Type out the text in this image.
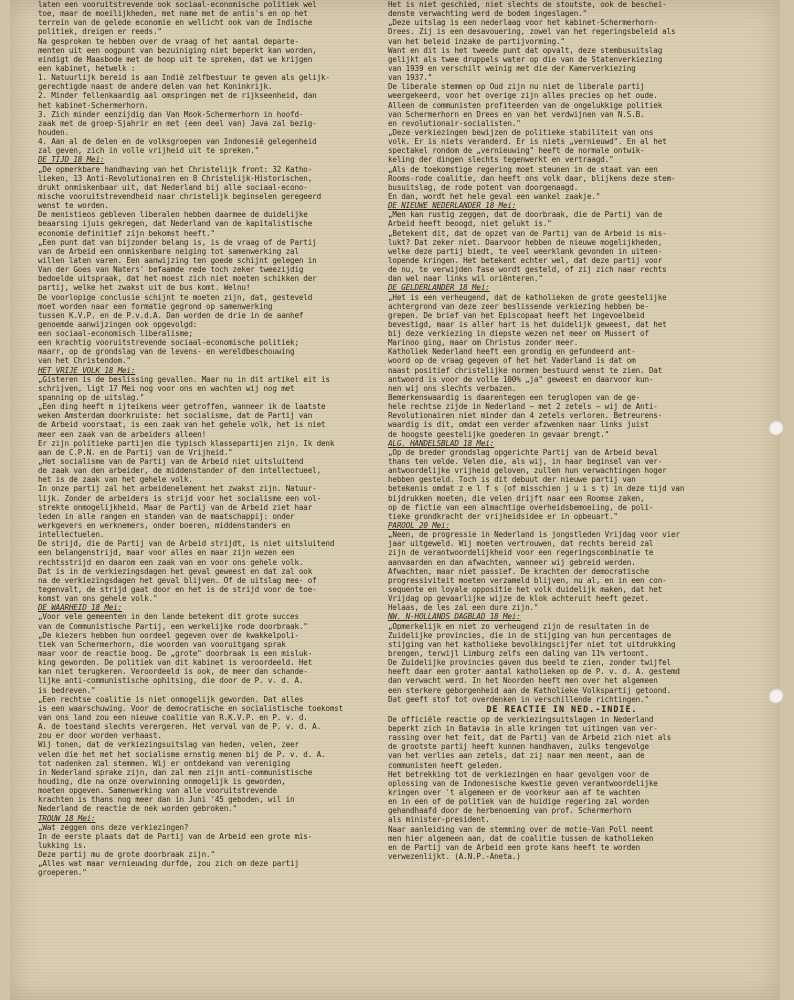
laten een vooruitstrevende ook sociaal-economische politiek wel
toe, maar de moeilijkheden, met name met de antis's en op het
terrein van de gelede economie en wellicht ook van de Indische
politiek, dreigen er reeds."
Na gesproken te hebben over de vraag of het aantal departe-
menten uit een oogpunt van bezuiniging niet beperkt kan worden,
eindigt de Maasbode met de hoop uit te spreken, dat we krijgen
een kabinet, hetwelk :
1. Natuurlijk bereid is aan Indië zelfbestuur te geven als gelijk-
gerechtigde naast de andere delen van het Koninkrijk.
2. Minder fellenkaardig aal omspringen met de rijkseenheid, dan
het kabinet-Schermerhorn.
3. Zich minder eenzijdig dan Van Mook-Schermerhorn in hoofd-
zaak met de groep-Sjahrir en met (een deel van) Java zal bezig-
houden.
4. Aan al de delen en de volksgroepen van Indonesië gelegenheid
zal geven, zich in volle vrijheid uit te spreken."
DE TIJD 18 Mei:
„De opmerkbare handhaving van het Christelijk front: 32 Katho-
lieken, 13 Anti-Revolutionairen en 8 Christelijk-Historischen,
drukt onmiskenbaar uit, dat Nederland bij alle sociaal-econo-
mische vooruitstrevendheid naar christelijk beginselen geregeerd
wenst te worden.
De menistieos gebleven liberalen hebben daarmee de duidelijke
beaarsing ijuis gekregen, dat Nederland van de kapitalistische
economie definitief zijn bekomst heeft."
„Een punt dat van bijzonder belang is, is de vraag of de Partij
van de Arbeid een onmiskenbare neiging tot samenwerking zal
willen laten varen. Een aanwijzing ten goede schijnt gelegen in
Van der Goes van Naters' befaamde rede toch zeker tweezijdig
bedoelde uitspraak, dat het moest zich niet moeten schikken der
partij, welke het zwakst uit de bus komt. Welnu!
De voorlopige conclusie schijnt te moeten zijn, dat, gesteveld
moet worden naar een formatie gegrond op samenwerking
tussen K.V.P. en de P.v.d.A. Dan worden de drie in de aanhef
genoemde aanwijzingen ook opgevolgd:
een sociaal-economisch liberalisme;
een krachtig vooruitstrevende sociaal-economische politiek;
maarr, op de grondslag van de levens- en wereldbeschouwing
van het Christendom."
HET VRIJE VOLK 18 Mei:
„Gisteren is de beslissing gevallen. Maar nu in dit artikel eit is
schrijven, ligt 17 Mei nog voor ons en wachten wij nog met
spanning op de uitslag."
„Een ding heeft m ijteikens weer getroffen, wanneer ik de laatste
weken Amsterdam doorkruiste: het socialisme, dat de Partij van
de Arbeid voorstaat, is een zaak van het gehele volk, het is niet
meer een zaak van de arbeiders alleen!
Er zijn politieke partijen die typisch klassepartijen zijn. Ik denk
aan de C.P.N. en de Partij van de Vrijheid."
„Het socialisme van de Partij van de Arbeid niet uitsluitend
de zaak van den arbeider, de middenstander of den intellectueel,
het is de zaak van het gehele volk.
In onze partij zal het arbeidenelement het zwakst zijn. Natuur-
lijk. Zonder de arbeiders is strijd voor het socialisme een vol-
strekte onmogelijkheid. Maar de Partij van de Arbeid ziet haar
leden in alle rangen en standen van de maatschappij: onder
werkgevers en werknemers, onder boeren, middenstanders en
intellectuelen.
De strijd, die de Partij van de Arbeid strijdt, is niet uitsluitend
een belangenstrijd, maar voor alles en maar zijn wezen een
rechtsstrijd en daarom een zaak van en voor ons gehele volk.
Dat is in de verkiezingsdagen het geval geweest en dat zal ook
na de verkiezingsdagen het geval blijven. Of de uitslag mee- of
tegenvalt, de strijd gaat door en het is de strijd voor de toe-
komst van ons gehele volk."
DE WAARHEID 18 Mei:
„Voor vele gemeenten in den lande betekent dit grote succes
van de Communistische Partij, een werkelijke rode doorbraak."
„De kiezers hebben hun oordeel gegeven over de kwakkelpoli-
tiek van Schermerhorn, die woorden van vooruitgang sprak
maar voor de reactie boog. De „grote" doorbraak is een misluk-
king geworden. De politiek van dit kabinet is veroordeeld. Het
kan niet terugkeren. Veroordeeld is ook, de meer dan schande-
lijke anti-communistische ophitsing, die door de P. v. d. A.
is bedreven."
„Een rechtse coalitie is niet onmogelijk geworden. Dat alles
is een waarschuwing. Voor de democratische en socialistische toekomst
van ons land zou een nieuwe coalitie van R.K.V.P. en P. v. d.
A. de toestand slechts verergeren. Het verval van de P. v. d. A.
zou er door worden verhaast.
Wij tonen, dat de verkiezingsuitslag van heden, velen, zeer
velen die het met het socialisme ernstig menen bij de P. v. d. A.
tot nadenken zal stemmen. Wij er ontdekand van vereniging
in Nederland sprake zijn, dan zal men zijn anti-communistische
houding, die na onze overwinning onmogelijk is geworden,
moeten opgeven. Samenwerking van alle vooruitstrevende
krachten is thans nog meer dan in Juni '45 geboden, wil in
Nederland de reactie de nek worden gebroken."
TROUW 18 Mei:
„Wat zeggen ons deze verkiezingen?
In de eerste plaats dat de Partij van de Arbeid een grote mis-
lukking is.
Deze partij mu de grote doorbraak zijn."
„Alles wat maar vernieuwing durfde, zou zich om deze partij
groeperen."
Het is niet geschied, niet slechts de stoutste, ook de beschei-
denste verwachting werd de bodem ingeslagen."
„Deze uitslag is een nederlaag voor het kabinet-Schermerhorn-
Drees. Zij is een desavouering, zowel van het regeringsbeleid als
van het beleid inzake de partijvorming."
Want en dit is het tweede punt dat opvalt, deze stembusuitslag
gelijkt als twee druppels water op die van de Statenverkiezing
van 1939 en verschilt weinig met die der Kamerverkiezing
van 1937."
De liberale stemmen op Oud zijn nu niet de liberale partij
weergekeerd, voor het overige zijn alles precies op het oude.
Alleen de communisten profiteerden van de ongelukkige politiek
van Schermerhorn en Drees en van het verdwijnen van N.S.B.
en revolutionair-socialisten."
„Deze verkiezingen bewijzen de politieke stabiliteit van ons
volk. Er is niets veranderd. Er is niets „vernieuwd". En al het
spectakel rondom de „vernieuwing" heeft de normale ontwik-
keling der dingen slechts tegenwerkt en vertraagd."
„Als de toekomstige regering moet steunen in de staat van een
Rooms-rode coalitie, dan heeft ons volk daar, blijkens deze stem-
busuitslag, de rode potent van doorgenaagd.
En dan, wordt het hele geval een wankel zaakje."
DE NIEUWE NEDERLANDER 18 Mei:
„Men kan rustig zeggen, dat de doorbraak, die de Partij van de
Arbeid heeft beoogd, niet gelukt is."
„Betekent dit, dat de opzet van de Partij van de Arbeid is mis-
lukt? Dat zeker niet. Daarvoor hebben de nieuwe mogelijkheden,
welke deze partij biedt, te veel weerklank gevonden in uiteen-
lopende kringen. Het betekent echter wel, dat deze partij voor
de nu, te verwijden fase wordt gesteld, of zij zich naar rechts
dan wel naar links wil oriënteren."
DE GELDERLANDER 18 Mei:
„Het is een verheugend, dat de katholieken de grote geestelijke
achtergrond van deze zeer beslissende verkiezing hebben be-
grepen. De brief van het Episcopaat heeft het ingevoelbeid
bevestigd, maar is aller hart is het duidelijk geweest, dat het
bij deze verkiezing in diepste wezen net meer om Mussert of
Marinoo ging, maar om Christus zonder meer.
Katholiek Nederland heeft een grondig en gefundeerd ant-
woord op de vraag gegeven of het het Vaderland is dat om
naast positief christelijke normen bestuurd wenst te zien. Dat
antwoord is voor de volle 100% „ja" geweest en daarvoor kun-
nen wij ons slechts verbazen.
Bemerkenswaardig is daarentegen een teruglopen van de ge-
hele rechtse zijde in Nederland — met 2 zetels — wij de Anti-
Revolutionairen niet minder dan 4 zetels verloren. Betreurens-
waardig is dit, omdat een verder afzwenken naar links juist
de hoogste geestelijke goederen in gevaar brengt."
ALG. HANDELSBLAD 18 Mei:
„Op de breder grondslag opgerichte Partij van de Arbeid beval
thans ten velde. Velen die, als wij, in haar beginsel van ver-
antwoordelijke vrijheid geloven, zullen hun verwachtingen hoger
hebben gesteld. Toch is dit debuut der nieuwe partij van
betekenis omdat z e l f s (of misschien j u i s t) in deze tijd van
bijdrukken moeten, die velen drijft naar een Roomse zaken,
op de fictie van een almachtige overheidsbemoeiing, de poli-
tieke grondkracht der vrijheidsidee er in opbeuart."
PAROOL 20 Mei:
„Neen, de progressie in Nederland is jongstleden Vrijdag voor vier
jaar uitgeweld. Wij moeten vertrouwen, dat rechts bereid zal
zijn de verantwoordelijkheid voor een regeringscombinatie te
aanvaarden en dan afwachten, wanneer wij gebreid werden.
Afwachten, maar niet passief. De krachten der democratische
progressiviteit moeten verzameld blijven, nu al, en in een con-
sequente en loyale oppositie het volk duidelijk maken, dat het
Vrijdag op gevaarlijke wijze de klok achteruit heeft gezet.
Helaas, de les zal een dure zijn."
NW. N-HOLLANDS DAGBLAD 18 Mei:
„Opmerkelijk en niet zo verheugend zijn de resultaten in de
Zuidelijke provincies, die in de stijging van hun percentages de
stijging van het katholieke bevolkingscijfer niet tot uitdrukking
brengen, terwijl Limburg zelfs een daling van 11% vertoont.
De Zuidelijke provincies gaven dus beeld te zien, zonder twijfel
heeft daar een groter aantal katholieken op de P. v. d. A. gestemd
dan verwacht werd. In het Noorden heeft men over het algemeen
een sterkere geborgenheid aan de Katholieke Volkspartij getoond.
Dat geeft stof tot overdenken in verschillende richtingen."
DE REACTIE IN NED.-INDIE.
De officiële reactie op de verkiezingsuitslagen in Nederland
beperkt zich in Batavia in alle kringen tot uitingen van ver-
rassing over het feit, dat de Partij van de Arbeid zich niet als
de grootste partij heeft kunnen handhaven, zulks tengevolge
van het verlies aan zetels, dat zij naar men meent, aan de
communisten heeft geleden.
Het betrekking tot de verkiezingen en haar gevolgen voor de
oplossing van de Indonesische kwestie geven verantwoordelijke
kringen over 't algemeen er de voorkeur aan af te wachten
en in een of de politiek van de huidige regering zal worden
gehandhaafd door de herbenoeming van prof. Schermerhorn
als minister-president.
Naar aanleiding van de stemming over de motie-Van Poll neemt
men hier algemeen aan, dat de coalitie tussen de katholieken
en de Partij van de Arbeid een grote kans heeft te worden
verwezenlijkt. (A.N.P.-Aneta.)
